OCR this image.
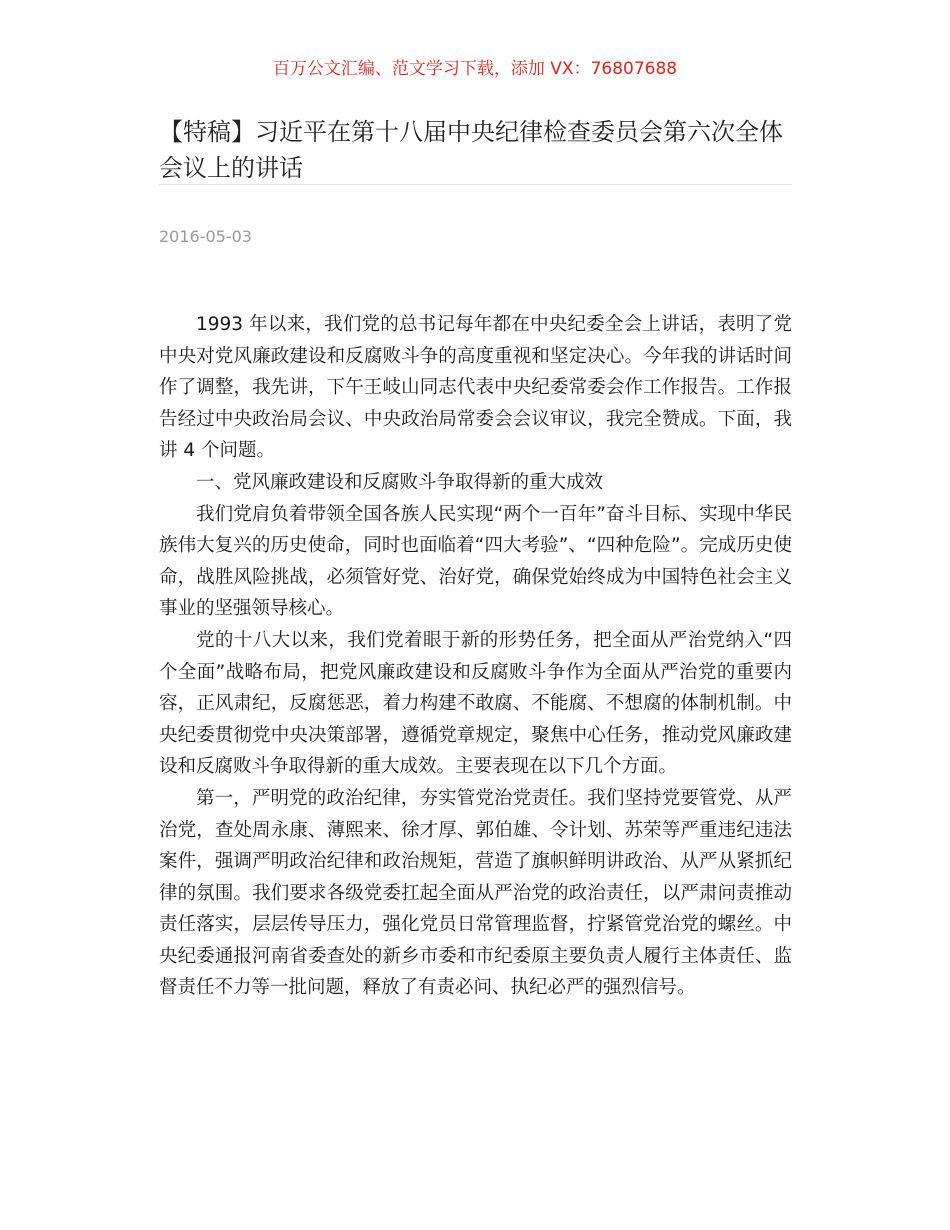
百万公文汇编、范文学习下载，添加 VX：76807688
【特稿】习近平在第十八届中央纪律检查委员会第六次全体会议上的讲话
2016-05-03

1993 年以来，我们党的总书记每年都在中央纪委全会上讲话，表明了党中央对党风廉政建设和反腐败斗争的高度重视和坚定决心。今年我的讲话时间作了调整，我先讲，下午王岐山同志代表中央纪委常委会作工作报告。工作报告经过中央政治局会议、中央政治局常委会会议审议，我完全赞成。下面，我讲 4 个问题。

一、党风廉政建设和反腐败斗争取得新的重大成效

我们党肩负着带领全国各族人民实现“两个一百年”奋斗目标、实现中华民族伟大复兴的历史使命，同时也面临着“四大考验”、“四种危险”。完成历史使命，战胜风险挑战，必须管好党、治好党，确保党始终成为中国特色社会主义事业的坚强领导核心。

党的十八大以来，我们党着眼于新的形势任务，把全面从严治党纳入“四个全面”战略布局，把党风廉政建设和反腐败斗争作为全面从严治党的重要内容，正风肃纪，反腐惩恶，着力构建不敢腐、不能腐、不想腐的体制机制。中央纪委贯彻党中央决策部署，遵循党章规定，聚焦中心任务，推动党风廉政建设和反腐败斗争取得新的重大成效。主要表现在以下几个方面。

第一，严明党的政治纪律，夯实管党治党责任。我们坚持党要管党、从严治党，查处周永康、薄熙来、徐才厚、郭伯雄、令计划、苏荣等严重违纪违法案件，强调严明政治纪律和政治规矩，营造了旗帜鲜明讲政治、从严从紧抓纪律的氛围。我们要求各级党委扛起全面从严治党的政治责任，以严肃问责推动责任落实，层层传导压力，强化党员日常管理监督，拧紧管党治党的螺丝。中央纪委通报河南省委查处的新乡市委和市纪委原主要负责人履行主体责任、监督责任不力等一批问题，释放了有责必问、执纪必严的强烈信号。
